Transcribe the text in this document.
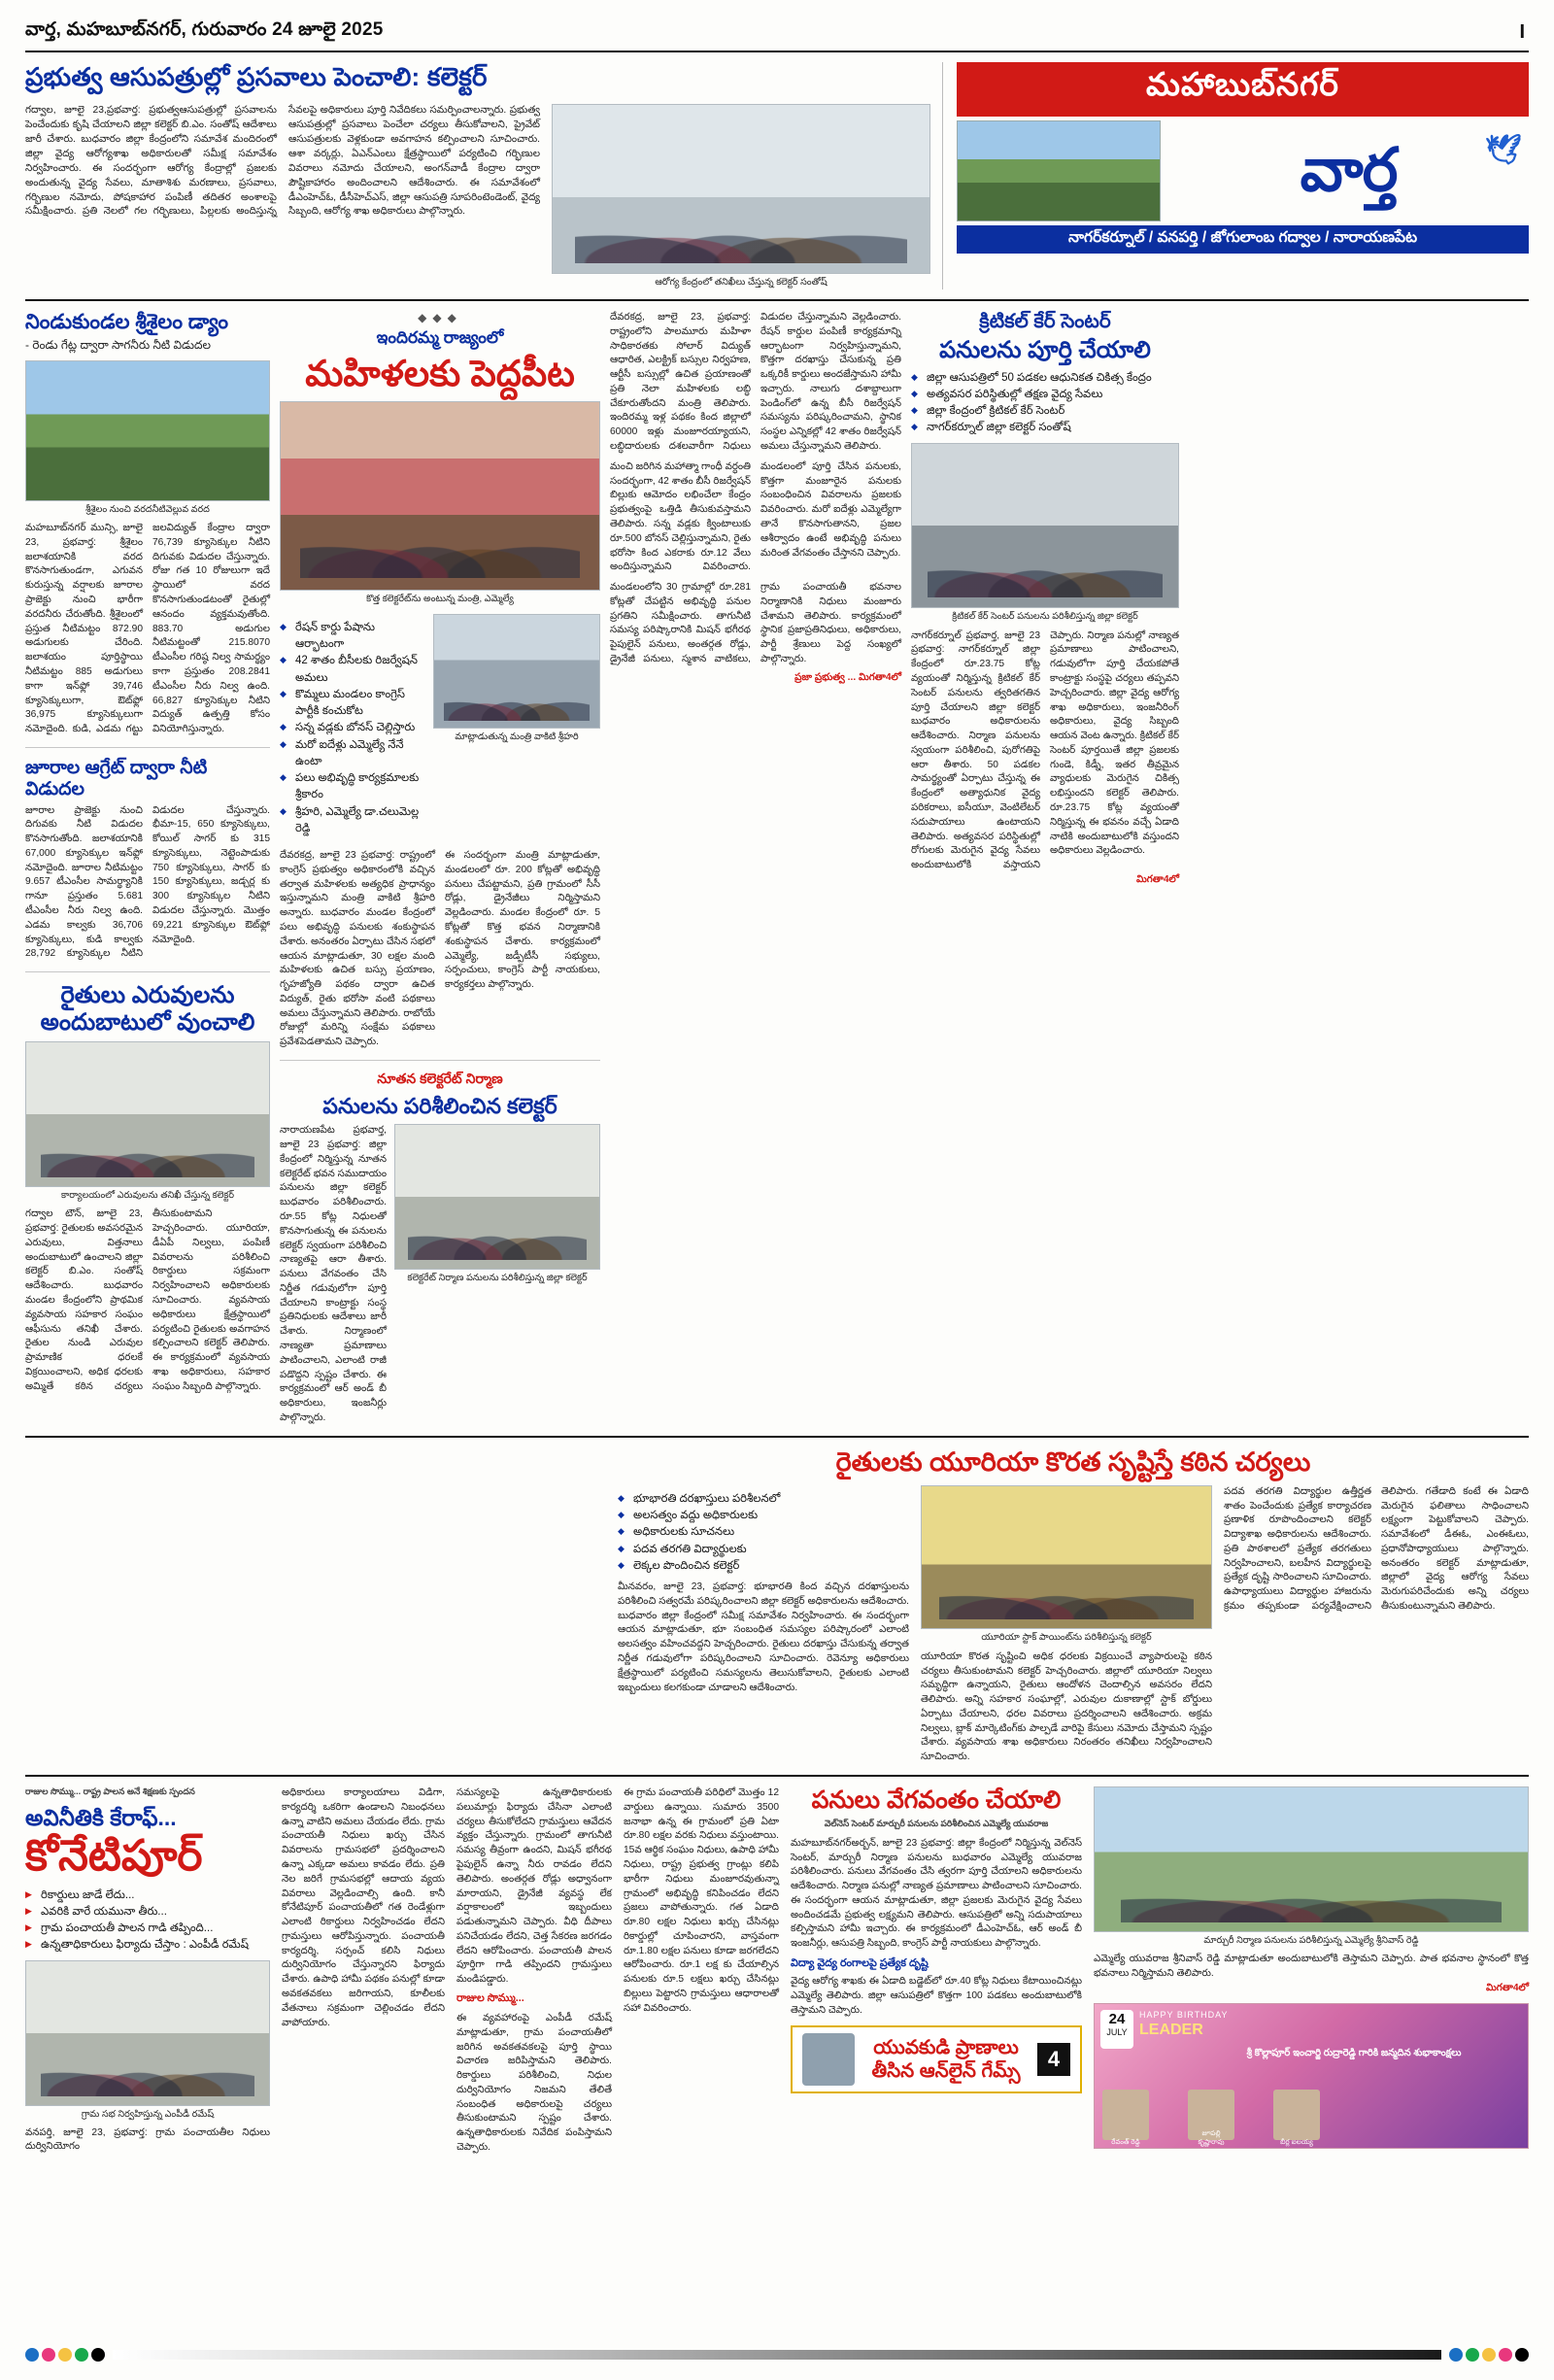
వార్త, మహబూబ్‌నగర్, గురువారం 24 జూలై 2025	I
ప్రభుత్వ ఆసుపత్రుల్లో ప్రసవాలు పెంచాలి: కలెక్టర్
గద్వాల, జూలై 23,ప్రభవార్త: ప్రభుత్వఆసుపత్రుల్లో ప్రసవాలను పెంచేందుకు కృషి చేయాలని జిల్లా కలెక్టర్ బి.ఎం. సంతోష్ ఆదేశాలు జారీ చేశారు. బుధవారం జిల్లా కేంద్రంలోని సమావేశ మందిరంలో జిల్లా వైద్య ఆరోగ్యశాఖ అధికారులతో సమీక్ష సమావేశం నిర్వహించారు. ఈ సందర్భంగా ఆరోగ్య కేంద్రాల్లో ప్రజలకు అందుతున్న వైద్య సేవలు, మాతాశిశు మరణాలు, ప్రసవాలు, గర్భిణుల నమోదు, పోషకాహార పంపిణీ తదితర అంశాలపై సమీక్షించారు. ప్రతి నెలలో గల గర్భిణులు, పిల్లలకు అందిస్తున్న సేవలపై అధికారులు పూర్తి నివేదికలు సమర్పించాలన్నారు. ప్రభుత్వ ఆసుపత్రుల్లో ప్రసవాలు పెంచేలా చర్యలు తీసుకోవాలని, ప్రైవేట్ ఆసుపత్రులకు వెళ్లకుండా అవగాహన కల్పించాలని సూచించారు. ఆశా వర్కర్లు, ఏఎన్ఎంలు క్షేత్రస్థాయిలో పర్యటించి గర్భిణుల వివరాలు నమోదు చేయాలని, అంగన్‌వాడీ కేంద్రాల ద్వారా పౌష్టికాహారం అందించాలని ఆదేశించారు. ఈ సమావేశంలో డీఎంహెచ్ఓ, డీసీహెచ్ఎస్, జిల్లా ఆసుపత్రి సూపరింటెండెంట్, వైద్య సిబ్బంది, ఆరోగ్య శాఖ అధికారులు పాల్గొన్నారు.
ఆరోగ్య కేంద్రంలో తనిఖీలు చేస్తున్న కలెక్టర్ సంతోష్
మహాబుబ్‌నగర్
వార్త	🕊
నాగర్‌కర్నూల్ / వనపర్తి / జోగులాంబ గద్వాల / నారాయణపేట
నిండుకుండల శ్రీశైలం డ్యాం
- రెండు గేట్ల ద్వారా సాగనీరు నీటి విడుదల
శ్రీశైలం నుంచి వరదనీటివెల్లువ వరద
మహబూబ్‌నగర్ మున్సి, జూలై 23, ప్రభవార్త: శ్రీశైలం జలాశయానికి వరద కొనసాగుతుండగా, ఎగువన కురుస్తున్న వర్షాలకు జూరాల ప్రాజెక్టు నుంచి భారీగా వరదనీరు చేరుతోంది. శ్రీశైలంలో ప్రస్తుత నీటిమట్టం 872.90 అడుగులకు చేరింది. జలాశయం పూర్తిస్థాయి నీటిమట్టం 885 అడుగులు కాగా ఇన్‌ఫ్లో 39,746 క్యూసెక్కులుగా, ఔట్‌ఫ్లో 36,975 క్యూసెక్కులుగా నమోదైంది. కుడి, ఎడమ గట్టు జలవిద్యుత్ కేంద్రాల ద్వారా 76,739 క్యూసెక్కుల నీటిని దిగువకు విడుదల చేస్తున్నారు. రోజు గత 10 రోజులుగా ఇదే స్థాయిలో వరద కొనసాగుతుండటంతో రైతుల్లో ఆనందం వ్యక్తమవుతోంది. 883.70 అడుగుల నీటిమట్టంతో 215.8070 టీఎంసీల గరిష్ఠ నిల్వ సామర్థ్యం కాగా ప్రస్తుతం 208.2841 టీఎంసీల నీరు నిల్వ ఉంది. 66,827 క్యూసెక్కుల నీటిని విద్యుత్ ఉత్పత్తి కోసం వినియోగిస్తున్నారు.
జూరాల ఆగ్రేట్ ద్వారా నీటి విడుదల
జూరాల ప్రాజెక్టు నుంచి దిగువకు నీటి విడుదల కొనసాగుతోంది. జలాశయానికి 67,000 క్యూసెక్కుల ఇన్‌ఫ్లో నమోదైంది. జూరాల నీటిమట్టం 9.657 టీఎంసీల సామర్థ్యానికి గానూ ప్రస్తుతం 5.681 టీఎంసీల నీరు నిల్వ ఉంది. ఎడమ కాల్వకు 36,706 క్యూసెక్కులు, కుడి కాల్వకు 28,792 క్యూసెక్కుల నీటిని విడుదల చేస్తున్నారు. భీమా-15, 650 క్యూసెక్కులు, కోయిల్ సాగర్ కు 315 క్యూసెక్కులు, నెట్టెంపాడుకు 750 క్యూసెక్కులు, సాగర్ కు 150 క్యూసెక్కులు, జడ్చర్ల కు 300 క్యూసెక్కుల నీటిని విడుదల చేస్తున్నారు. మొత్తం 69,221 క్యూసెక్కుల ఔట్‌ఫ్లో నమోదైంది.
రైతులు ఎరువులను అందుబాటులో వుంచాలి
కార్యాలయంలో ఎరువులను తనిఖీ చేస్తున్న కలెక్టర్
గద్వాల టౌన్, జూలై 23, ప్రభవార్త: రైతులకు అవసరమైన ఎరువులు, విత్తనాలు అందుబాటులో ఉంచాలని జిల్లా కలెక్టర్ బి.ఎం. సంతోష్ ఆదేశించారు. బుధవారం మండల కేంద్రంలోని ప్రాథమిక వ్యవసాయ సహకార సంఘం ఆఫీసును తనిఖీ చేశారు. రైతుల నుండి ఎరువుల ప్రామాణిక ధరలకే విక్రయించాలని, అధిక ధరలకు అమ్మితే కఠిన చర్యలు తీసుకుంటామని హెచ్చరించారు. యూరియా, డీఏపీ నిల్వలు, పంపిణీ వివరాలను పరిశీలించి రికార్డులు సక్రమంగా నిర్వహించాలని అధికారులకు సూచించారు. వ్యవసాయ అధికారులు క్షేత్రస్థాయిలో పర్యటించి రైతులకు అవగాహన కల్పించాలని కలెక్టర్ తెలిపారు. ఈ కార్యక్రమంలో వ్యవసాయ శాఖ అధికారులు, సహకార సంఘం సిబ్బంది పాల్గొన్నారు.
◆◆◆
ఇందిరమ్మ రాజ్యంలో
మహిళలకు పెద్దపీట
కొత్త కలెక్టరేట్‌ను అంటున్న మంత్రి, ఎమ్మెల్యే
◆ రేషన్ కార్డు పేషాను ఆర్భాటంగా
◆ 42 శాతం బీసీలకు రిజర్వేషన్ అమలు
◆ కొమ్మలు మండలం కాంగ్రెస్ పార్టీకి కంచుకోట
◆ సన్న వడ్లకు బోనస్ చెల్లిస్తారు
◆ మరో ఐదేళ్లు ఎమ్మెల్యే నేనే ఉంటా
◆ పలు అభివృద్ధి కార్యక్రమాలకు శ్రీకారం
◆ శ్రీహరి, ఎమ్మెల్యే డా.చలుమెల్ల రెడ్డి
మాట్లాడుతున్న మంత్రి వాకిటి శ్రీహరి
దేవరకద్ర, జూలై 23 ప్రభవార్త: రాష్ట్రంలో కాంగ్రెస్ ప్రభుత్వం అధికారంలోకి వచ్చిన తర్వాత మహిళలకు అత్యధిక ప్రాధాన్యం ఇస్తున్నామని మంత్రి వాకిటి శ్రీహరి అన్నారు. బుధవారం మండల కేంద్రంలో పలు అభివృద్ధి పనులకు శంకుస్థాపన చేశారు. అనంతరం ఏర్పాటు చేసిన సభలో ఆయన మాట్లాడుతూ, 30 లక్షల మంది మహిళలకు ఉచిత బస్సు ప్రయాణం, గృహజ్యోతి పథకం ద్వారా ఉచిత విద్యుత్, రైతు భరోసా వంటి పథకాలు అమలు చేస్తున్నామని తెలిపారు. రాబోయే రోజుల్లో మరిన్ని సంక్షేమ పథకాలు ప్రవేశపెడతామని చెప్పారు.
ఈ సందర్భంగా మంత్రి మాట్లాడుతూ, మండలంలో రూ. 200 కోట్లతో అభివృద్ధి పనులు చేపట్టామని, ప్రతి గ్రామంలో సీసీ రోడ్లు, డ్రైనేజీలు నిర్మిస్తామని వెల్లడించారు. మండల కేంద్రంలో రూ. 5 కోట్లతో కొత్త భవన నిర్మాణానికి శంకుస్థాపన చేశారు. కార్యక్రమంలో ఎమ్మెల్యే, జడ్పీటీసీ సభ్యులు, సర్పంచులు, కాంగ్రెస్ పార్టీ నాయకులు, కార్యకర్తలు పాల్గొన్నారు.
నూతన కలెక్టరేట్ నిర్మాణ
పనులను పరిశీలించిన కలెక్టర్
నారాయణపేట ప్రభవార్త, జూలై 23 ప్రభవార్త: జిల్లా కేంద్రంలో నిర్మిస్తున్న నూతన కలెక్టరేట్ భవన సముదాయం పనులను జిల్లా కలెక్టర్ బుధవారం పరిశీలించారు. రూ.55 కోట్ల నిధులతో కొనసాగుతున్న ఈ పనులను కలెక్టర్ స్వయంగా పరిశీలించి నాణ్యతపై ఆరా తీశారు. పనులు వేగవంతం చేసి నిర్ణీత గడువులోగా పూర్తి చేయాలని కాంట్రాక్టు సంస్థ ప్రతినిధులకు ఆదేశాలు జారీ చేశారు. నిర్మాణంలో నాణ్యతా ప్రమాణాలు పాటించాలని, ఎలాంటి రాజీ పడొద్దని స్పష్టం చేశారు. ఈ కార్యక్రమంలో ఆర్ అండ్ బీ అధికారులు, ఇంజనీర్లు పాల్గొన్నారు.
కలెక్టరేట్ నిర్మాణ పనులను పరిశీలిస్తున్న జిల్లా కలెక్టర్
దేవరకద్ర, జూలై 23, ప్రభవార్త: రాష్ట్రంలోని పాలమూరు మహిళా సాధికారతకు సోలార్ విద్యుత్ ఆధారిత, ఎలక్ట్రిక్ బస్సుల నిర్వహణ, ఆర్టీసీ బస్సుల్లో ఉచిత ప్రయాణంతో ప్రతి నెలా మహిళలకు లబ్ధి చేకూరుతోందని మంత్రి తెలిపారు. ఇందిరమ్మ ఇళ్ల పథకం కింద జిల్లాలో 60000 ఇళ్లు మంజూరయ్యాయని, లబ్ధిదారులకు దశలవారీగా నిధులు విడుదల చేస్తున్నామని వెల్లడించారు. రేషన్ కార్డుల పంపిణీ కార్యక్రమాన్ని ఆర్భాటంగా నిర్వహిస్తున్నామని, కొత్తగా దరఖాస్తు చేసుకున్న ప్రతి ఒక్కరికీ కార్డులు అందజేస్తామని హామీ ఇచ్చారు. నాలుగు దశాబ్దాలుగా పెండింగ్‌లో ఉన్న బీసీ రిజర్వేషన్ సమస్యను పరిష్కరించామని, స్థానిక సంస్థల ఎన్నికల్లో 42 శాతం రిజర్వేషన్ అమలు చేస్తున్నామని తెలిపారు.
మంచి జరిగిన మహాత్మా గాంధీ వర్ధంతి సందర్భంగా, 42 శాతం బీసీ రిజర్వేషన్ బిల్లుకు ఆమోదం లభించేలా కేంద్రం ప్రభుత్వంపై ఒత్తిడి తీసుకువస్తామని తెలిపారు. సన్న వడ్లకు క్వింటాలుకు రూ.500 బోనస్ చెల్లిస్తున్నామని, రైతు భరోసా కింద ఎకరాకు రూ.12 వేలు అందిస్తున్నామని వివరించారు. మండలంలో పూర్తి చేసిన పనులకు, కొత్తగా మంజూరైన పనులకు సంబంధించిన వివరాలను ప్రజలకు వివరించారు. మరో ఐదేళ్లు ఎమ్మెల్యేగా తానే కొనసాగుతానని, ప్రజల ఆశీర్వాదం ఉంటే అభివృద్ధి పనులు మరింత వేగవంతం చేస్తానని చెప్పారు.
మండలంలోని 30 గ్రామాల్లో రూ.281 కోట్లతో చేపట్టిన అభివృద్ధి పనుల ప్రగతిని సమీక్షించారు. తాగునీటి సమస్య పరిష్కారానికి మిషన్ భగీరథ పైపులైన్ పనులు, అంతర్గత రోడ్లు, డ్రైనేజీ పనులు, స్మశాన వాటికలు, గ్రామ పంచాయతీ భవనాల నిర్మాణానికి నిధులు మంజూరు చేశామని తెలిపారు. కార్యక్రమంలో స్థానిక ప్రజాప్రతినిధులు, అధికారులు, పార్టీ శ్రేణులు పెద్ద సంఖ్యలో పాల్గొన్నారు.
ప్రజా ప్రభుత్వ ... మిగతా4లో
క్రిటికల్ కేర్ సెంటర్
పనులను పూర్తి చేయాలి
◆ జిల్లా ఆసుపత్రిలో 50 పడకల ఆధునికత చికిత్స కేంద్రం
◆ అత్యవసర పరిస్థితుల్లో తక్షణ వైద్య సేవలు
◆ జిల్లా కేంద్రంలో క్రిటికల్ కేర్ సెంటర్
◆ నాగర్‌కర్నూల్ జిల్లా కలెక్టర్ సంతోష్
క్రిటికల్ కేర్ సెంటర్ పనులను పరిశీలిస్తున్న జిల్లా కలెక్టర్
నాగర్‌కర్నూల్ ప్రభవార్త, జూలై 23 ప్రభవార్త: నాగర్‌కర్నూల్ జిల్లా కేంద్రంలో రూ.23.75 కోట్ల వ్యయంతో నిర్మిస్తున్న క్రిటికల్ కేర్ సెంటర్ పనులను త్వరితగతిన పూర్తి చేయాలని జిల్లా కలెక్టర్ బుధవారం అధికారులను ఆదేశించారు. నిర్మాణ పనులను స్వయంగా పరిశీలించి, పురోగతిపై ఆరా తీశారు. 50 పడకల సామర్థ్యంతో ఏర్పాటు చేస్తున్న ఈ కేంద్రంలో అత్యాధునిక వైద్య పరికరాలు, ఐసీయూ, వెంటిలేటర్ సదుపాయాలు ఉంటాయని తెలిపారు. అత్యవసర పరిస్థితుల్లో రోగులకు మెరుగైన వైద్య సేవలు అందుబాటులోకి వస్తాయని చెప్పారు. నిర్మాణ పనుల్లో నాణ్యత ప్రమాణాలు పాటించాలని, గడువులోగా పూర్తి చేయకపోతే కాంట్రాక్టు సంస్థపై చర్యలు తప్పవని హెచ్చరించారు. జిల్లా వైద్య ఆరోగ్య శాఖ అధికారులు, ఇంజనీరింగ్ అధికారులు, వైద్య సిబ్బంది ఆయన వెంట ఉన్నారు. క్రిటికల్ కేర్ సెంటర్ పూర్తయితే జిల్లా ప్రజలకు గుండె, కిడ్నీ, ఇతర తీవ్రమైన వ్యాధులకు మెరుగైన చికిత్స లభిస్తుందని కలెక్టర్ తెలిపారు. రూ.23.75 కోట్ల వ్యయంతో నిర్మిస్తున్న ఈ భవనం వచ్చే ఏడాది నాటికి అందుబాటులోకి వస్తుందని అధికారులు వెల్లడించారు.
మిగతా4లో
రైతులకు యూరియా కొరత సృష్టిస్తే కఠిన చర్యలు
◆ భూభారతి దరఖాస్తులు పరిశీలనలో
◆ అలసత్వం వద్దు అధికారులకు
◆ అధికారులకు సూచనలు
◆ పదవ తరగతి విద్యార్థులకు
◆ లెక్కల పొందించిన కలెక్టర్
మీనవరం, జూలై 23, ప్రభవార్త: భూభారతి కింద వచ్చిన దరఖాస్తులను పరిశీలించి సత్వరమే పరిష్కరించాలని జిల్లా కలెక్టర్ అధికారులను ఆదేశించారు. బుధవారం జిల్లా కేంద్రంలో సమీక్ష సమావేశం నిర్వహించారు. ఈ సందర్భంగా ఆయన మాట్లాడుతూ, భూ సంబంధిత సమస్యల పరిష్కారంలో ఎలాంటి అలసత్వం వహించవద్దని హెచ్చరించారు. రైతులు దరఖాస్తు చేసుకున్న తర్వాత నిర్ణీత గడువులోగా పరిష్కరించాలని సూచించారు. రెవెన్యూ అధికారులు క్షేత్రస్థాయిలో పర్యటించి సమస్యలను తెలుసుకోవాలని, రైతులకు ఎలాంటి ఇబ్బందులు కలగకుండా చూడాలని ఆదేశించారు.
యూరియా స్టాక్ పాయింట్‌ను పరిశీలిస్తున్న కలెక్టర్
యూరియా కొరత సృష్టించి అధిక ధరలకు విక్రయించే వ్యాపారులపై కఠిన చర్యలు తీసుకుంటామని కలెక్టర్ హెచ్చరించారు. జిల్లాలో యూరియా నిల్వలు సమృద్ధిగా ఉన్నాయని, రైతులు ఆందోళన చెందాల్సిన అవసరం లేదని తెలిపారు. అన్ని సహకార సంఘాల్లో, ఎరువుల దుకాణాల్లో స్టాక్ బోర్డులు ఏర్పాటు చేయాలని, ధరల వివరాలు ప్రదర్శించాలని ఆదేశించారు. అక్రమ నిల్వలు, బ్లాక్ మార్కెటింగ్‌కు పాల్పడే వారిపై కేసులు నమోదు చేస్తామని స్పష్టం చేశారు. వ్యవసాయ శాఖ అధికారులు నిరంతరం తనిఖీలు నిర్వహించాలని సూచించారు.
పదవ తరగతి విద్యార్థుల ఉత్తీర్ణత శాతం పెంచేందుకు ప్రత్యేక కార్యాచరణ ప్రణాళిక రూపొందించాలని కలెక్టర్ విద్యాశాఖ అధికారులను ఆదేశించారు. ప్రతి పాఠశాలలో ప్రత్యేక తరగతులు నిర్వహించాలని, బలహీన విద్యార్థులపై ప్రత్యేక దృష్టి సారించాలని సూచించారు. ఉపాధ్యాయులు విద్యార్థుల హాజరును క్రమం తప్పకుండా పర్యవేక్షించాలని తెలిపారు. గతేడాది కంటే ఈ ఏడాది మెరుగైన ఫలితాలు సాధించాలని లక్ష్యంగా పెట్టుకోవాలని చెప్పారు. సమావేశంలో డీఈఓ, ఎంఈఓలు, ప్రధానోపాధ్యాయులు పాల్గొన్నారు. అనంతరం కలెక్టర్ మాట్లాడుతూ, జిల్లాలో వైద్య ఆరోగ్య సేవలు మెరుగుపరిచేందుకు అన్ని చర్యలు తీసుకుంటున్నామని తెలిపారు.
రాజుల సొమ్ము... రాష్ట్ర పాలన అనే శిక్షణకు స్పందన
అవినీతికి కేరాఫ్...
కోనేటిపూర్
▶ రికార్డులు జాడే లేదు...
▶ ఎవరికి వారే యమునా తీరు...
▶ గ్రామ పంచాయతీ పాలన గాడి తప్పింది...
▶ ఉన్నతాధికారులు ఫిర్యాదు చేస్తాం : ఎంపీడీ రమేష్
గ్రామ సభ నిర్వహిస్తున్న ఎంపీడీ రమేష్
వనపర్తి, జూలై 23, ప్రభవార్త: గ్రామ పంచాయతీల నిధులు దుర్వినియోగం
అధికారులు కార్యాలయాలు విడిగా, కార్యదర్శి ఒకరిగా ఉండాలని నిబంధనలు ఉన్నా వాటిని అమలు చేయడం లేదు. గ్రామ పంచాయతీ నిధులు ఖర్చు చేసిన వివరాలను గ్రామసభలో ప్రదర్శించాలని ఉన్నా ఎక్కడా అమలు కావడం లేదు. ప్రతి నెల జరిగే గ్రామసభల్లో ఆదాయ వ్యయ వివరాలు వెల్లడించాల్సి ఉంది. కానీ కోనేటిపూర్ పంచాయతీలో గత రెండేళ్లుగా ఎలాంటి రికార్డులు నిర్వహించడం లేదని గ్రామస్తులు ఆరోపిస్తున్నారు. పంచాయతీ కార్యదర్శి, సర్పంచ్ కలిసి నిధులు దుర్వినియోగం చేస్తున్నారని ఫిర్యాదు చేశారు. ఉపాధి హామీ పథకం పనుల్లో కూడా అవకతవకలు జరిగాయని, కూలీలకు వేతనాలు సక్రమంగా చెల్లించడం లేదని వాపోయారు.
సమస్యలపై ఉన్నతాధికారులకు పలుమార్లు ఫిర్యాదు చేసినా ఎలాంటి చర్యలు తీసుకోలేదని గ్రామస్తులు ఆవేదన వ్యక్తం చేస్తున్నారు. గ్రామంలో తాగునీటి సమస్య తీవ్రంగా ఉందని, మిషన్ భగీరథ పైపులైన్ ఉన్నా నీరు రావడం లేదని తెలిపారు. అంతర్గత రోడ్లు అధ్వానంగా మారాయని, డ్రైనేజీ వ్యవస్థ లేక వర్షాకాలంలో ఇబ్బందులు పడుతున్నామని చెప్పారు. వీధి దీపాలు పనిచేయడం లేదని, చెత్త సేకరణ జరగడం లేదని ఆరోపించారు. పంచాయతీ పాలన పూర్తిగా గాడి తప్పిందని గ్రామస్తులు మండిపడ్డారు.
రాజుల సొమ్ము...
ఈ వ్యవహారంపై ఎంపీడీ రమేష్ మాట్లాడుతూ, గ్రామ పంచాయతీలో జరిగిన అవకతవకలపై పూర్తి స్థాయి విచారణ జరిపిస్తామని తెలిపారు. రికార్డులు పరిశీలించి, నిధుల దుర్వినియోగం నిజమని తేలితే సంబంధిత అధికారులపై చర్యలు తీసుకుంటామని స్పష్టం చేశారు. ఉన్నతాధికారులకు నివేదిక పంపిస్తామని చెప్పారు.
ఈ గ్రామ పంచాయతీ పరిధిలో మొత్తం 12 వార్డులు ఉన్నాయి. సుమారు 3500 జనాభా ఉన్న ఈ గ్రామంలో ప్రతి ఏటా రూ.80 లక్షల వరకు నిధులు వస్తుంటాయి. 15వ ఆర్థిక సంఘం నిధులు, ఉపాధి హామీ నిధులు, రాష్ట్ర ప్రభుత్వ గ్రాంట్లు కలిపి భారీగా నిధులు మంజూరవుతున్నా గ్రామంలో అభివృద్ధి కనిపించడం లేదని ప్రజలు వాపోతున్నారు. గత ఏడాది రూ.80 లక్షల నిధులు ఖర్చు చేసినట్లు రికార్డుల్లో చూపించారని, వాస్తవంగా రూ.1.80 లక్షల పనులు కూడా జరగలేదని ఆరోపించారు. రూ.1 లక్ష కు చేయాల్సిన పనులకు రూ.5 లక్షలు ఖర్చు చేసినట్లు బిల్లులు పెట్టారని గ్రామస్తులు ఆధారాలతో సహా వివరించారు.
పనులు వేగవంతం చేయాలి
వెల్‌నెస్ సెంటర్ మార్చురీ పనులను పరిశీలించిన ఎమ్మెల్యే యువరాజ
మహబూబ్‌నగర్‌అర్బన్, జూలై 23 ప్రభవార్త: జిల్లా కేంద్రంలో నిర్మిస్తున్న వెల్‌నెస్ సెంటర్, మార్చురీ నిర్మాణ పనులను బుధవారం ఎమ్మెల్యే యువరాజ పరిశీలించారు. పనులు వేగవంతం చేసి త్వరగా పూర్తి చేయాలని అధికారులను ఆదేశించారు. నిర్మాణ పనుల్లో నాణ్యత ప్రమాణాలు పాటించాలని సూచించారు. ఈ సందర్భంగా ఆయన మాట్లాడుతూ, జిల్లా ప్రజలకు మెరుగైన వైద్య సేవలు అందించడమే ప్రభుత్వ లక్ష్యమని తెలిపారు. ఆసుపత్రిలో అన్ని సదుపాయాలు కల్పిస్తామని హామీ ఇచ్చారు. ఈ కార్యక్రమంలో డీఎంహెచ్ఓ, ఆర్ అండ్ బీ ఇంజనీర్లు, ఆసుపత్రి సిబ్బంది, కాంగ్రెస్ పార్టీ నాయకులు పాల్గొన్నారు.
విద్యా వైద్య రంగాలపై ప్రత్యేక దృష్టి
వైద్య ఆరోగ్య శాఖకు ఈ ఏడాది బడ్జెట్‌లో రూ.40 కోట్ల నిధులు కేటాయించినట్లు ఎమ్మెల్యే తెలిపారు. జిల్లా ఆసుపత్రిలో కొత్తగా 100 పడకలు అందుబాటులోకి తెస్తామని చెప్పారు.
యువకుడి ప్రాణాలు
తీసిన ఆన్‌లైన్ గేమ్స్	4
మార్చురీ నిర్మాణ పనులను పరిశీలిస్తున్న ఎమ్మెల్యే శ్రీనివాస్ రెడ్డి
ఎమ్మెల్యే యువరాజ శ్రీనివాస్ రెడ్డి మాట్లాడుతూ అందుబాటులోకి తెస్తామని చెప్పారు. పాత భవనాల స్థానంలో కొత్త భవనాలు నిర్మిస్తామని తెలిపారు.
మిగతా4లో
24
JULY
HAPPY BIRTHDAY
LEADER
శ్రీ కొల్లాపూర్ ఇంచార్జి రుద్రారెడ్డి గారికి జన్మదిన శుభాకాంక్షలు
రేవంత్ రెడ్డి
జూపల్లి కృష్ణారావు	బీర్ల ఐలయ్య
